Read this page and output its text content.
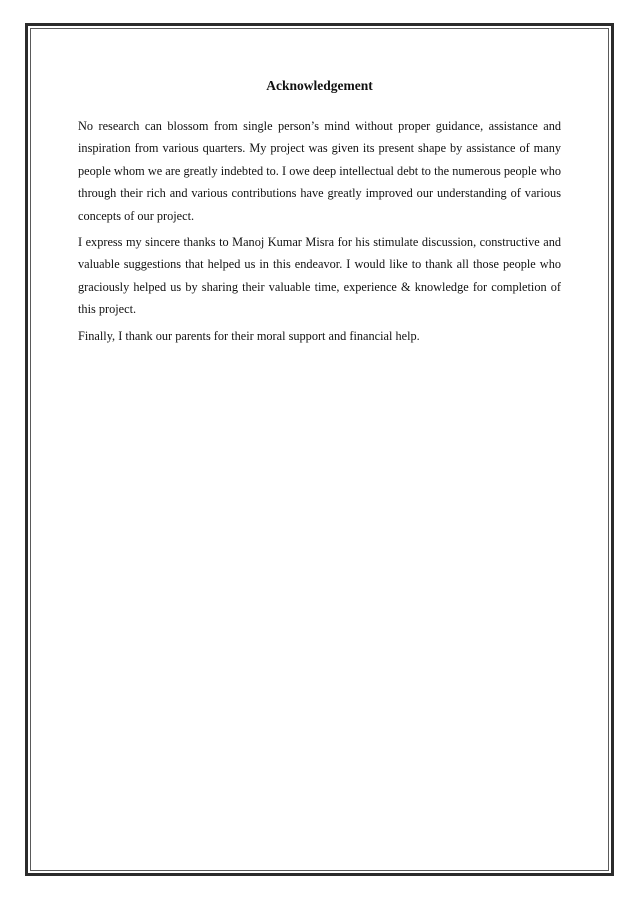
Acknowledgement

No research can blossom from single person’s mind without proper guidance, assistance and inspiration from various quarters. My project was given its present shape by assistance of many people whom we are greatly indebted to. I owe deep intellectual debt to the numerous people who through their rich and various contributions have greatly improved our understanding of various concepts of our project.

I express my sincere thanks to Manoj Kumar Misra for his stimulate discussion, constructive and valuable suggestions that helped us in this endeavor. I would like to thank all those people who graciously helped us by sharing their valuable time, experience & knowledge for completion of this project.

Finally, I thank our parents for their moral support and financial help.
